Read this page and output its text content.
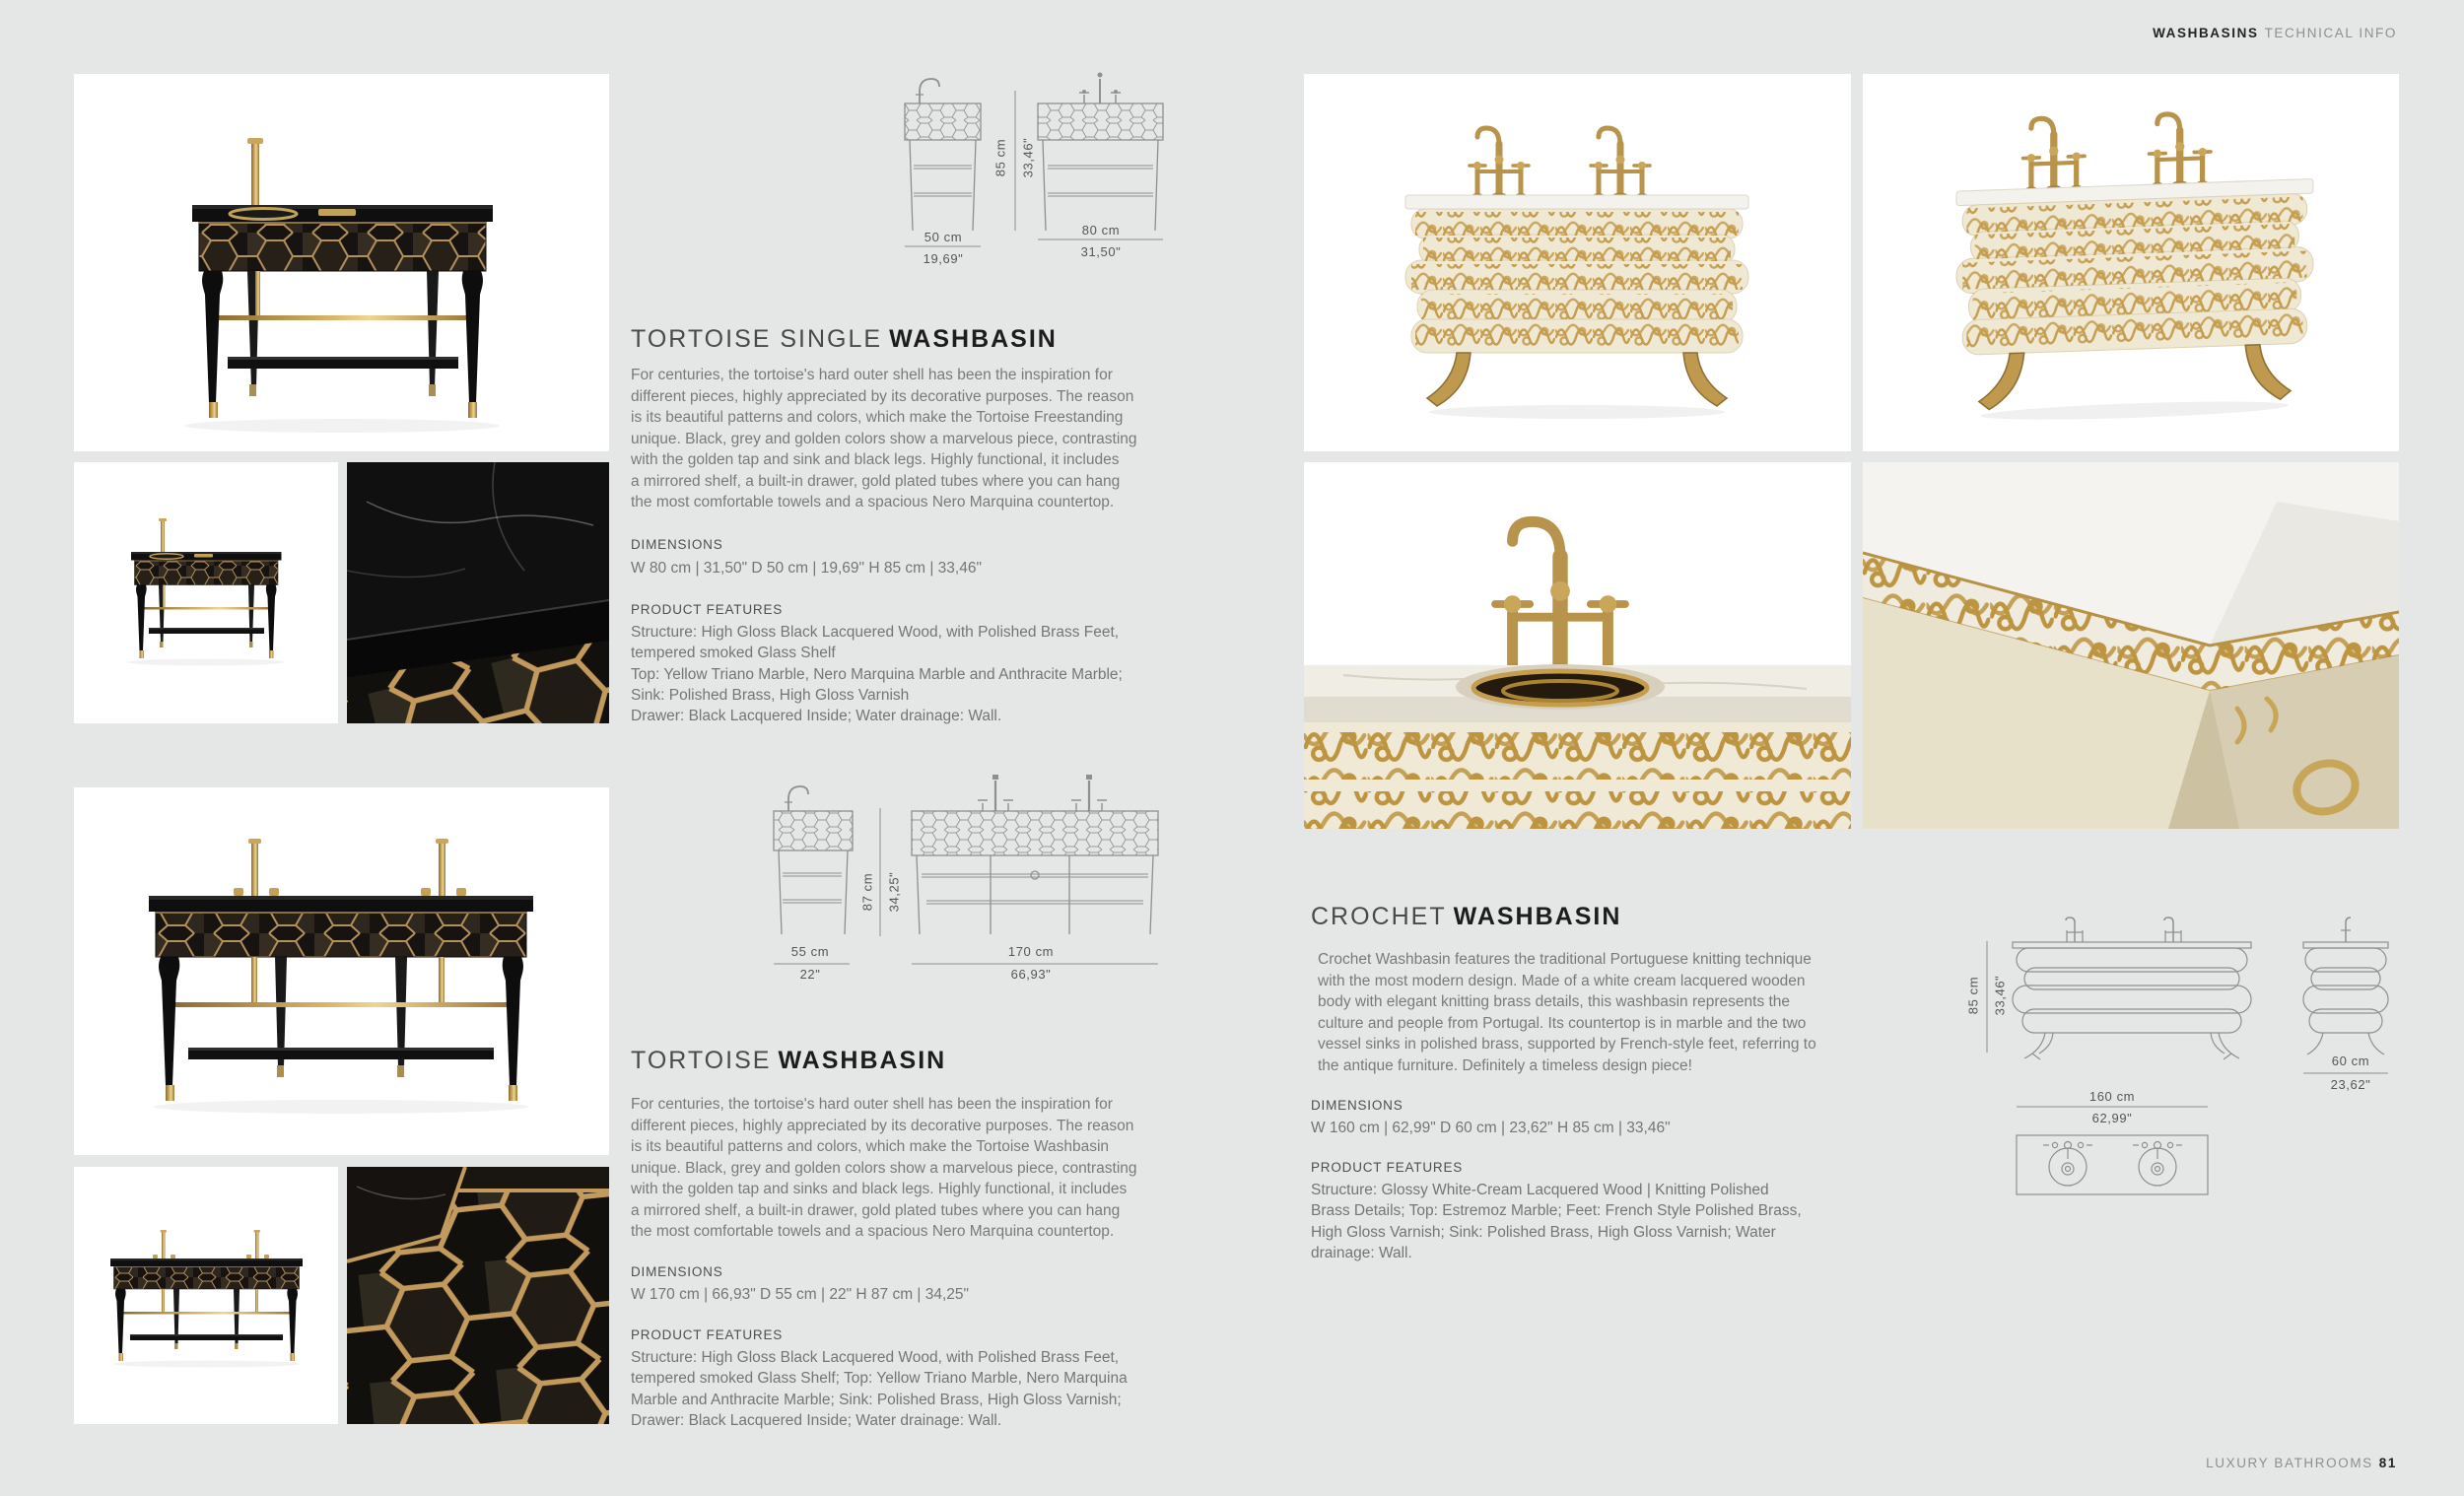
WASHBASINS TECHNICAL INFO
TORTOISE SINGLE WASHBASIN
For centuries, the tortoise's hard outer shell has been the inspiration for
different pieces, highly appreciated by its decorative purposes. The reason
is its beautiful patterns and colors, which make the Tortoise Freestanding
unique. Black, grey and golden colors show a marvelous piece, contrasting
with the golden tap and sink and black legs. Highly functional, it includes
a mirrored shelf, a built-in drawer, gold plated tubes where you can hang
the most comfortable towels and a spacious Nero Marquina countertop.
DIMENSIONS
W 80 cm | 31,50" D 50 cm | 19,69" H 85 cm | 33,46"
PRODUCT FEATURES
Structure: High Gloss Black Lacquered Wood, with Polished Brass Feet,
tempered smoked Glass Shelf
Top: Yellow Triano Marble, Nero Marquina Marble and Anthracite Marble;
Sink: Polished Brass, High Gloss Varnish
Drawer: Black Lacquered Inside; Water drainage: Wall.
85 cm 33,46"
50 cm
19,69"
80 cm
31,50"
TORTOISE WASHBASIN
For centuries, the tortoise's hard outer shell has been the inspiration for
different pieces, highly appreciated by its decorative purposes. The reason
is its beautiful patterns and colors, which make the Tortoise Washbasin
unique. Black, grey and golden colors show a marvelous piece, contrasting
with the golden tap and sinks and black legs. Highly functional, it includes
a mirrored shelf, a built-in drawer, gold plated tubes where you can hang
the most comfortable towels and a spacious Nero Marquina countertop.
DIMENSIONS
W 170 cm | 66,93" D 55 cm | 22" H 87 cm | 34,25"
PRODUCT FEATURES
Structure: High Gloss Black Lacquered Wood, with Polished Brass Feet,
tempered smoked Glass Shelf; Top: Yellow Triano Marble, Nero Marquina
Marble and Anthracite Marble; Sink: Polished Brass, High Gloss Varnish;
Drawer: Black Lacquered Inside; Water drainage: Wall.
87 cm 34,25"
55 cm
22"
170 cm
66,93"
CROCHET WASHBASIN
Crochet Washbasin features the traditional Portuguese knitting technique
with the most modern design. Made of a white cream lacquered wooden
body with elegant knitting brass details, this washbasin represents the
culture and people from Portugal. Its countertop is in marble and the two
vessel sinks in polished brass, supported by French-style feet, referring to
the antique furniture. Definitely a timeless design piece!
DIMENSIONS
W 160 cm | 62,99" D 60 cm | 23,62" H 85 cm | 33,46"
PRODUCT FEATURES
Structure: Glossy White-Cream Lacquered Wood | Knitting Polished
Brass Details; Top: Estremoz Marble; Feet: French Style Polished Brass,
High Gloss Varnish; Sink: Polished Brass, High Gloss Varnish; Water
drainage: Wall.
85 cm 33,46"
60 cm
23,62"
160 cm
62,99"
LUXURY BATHROOMS 81
